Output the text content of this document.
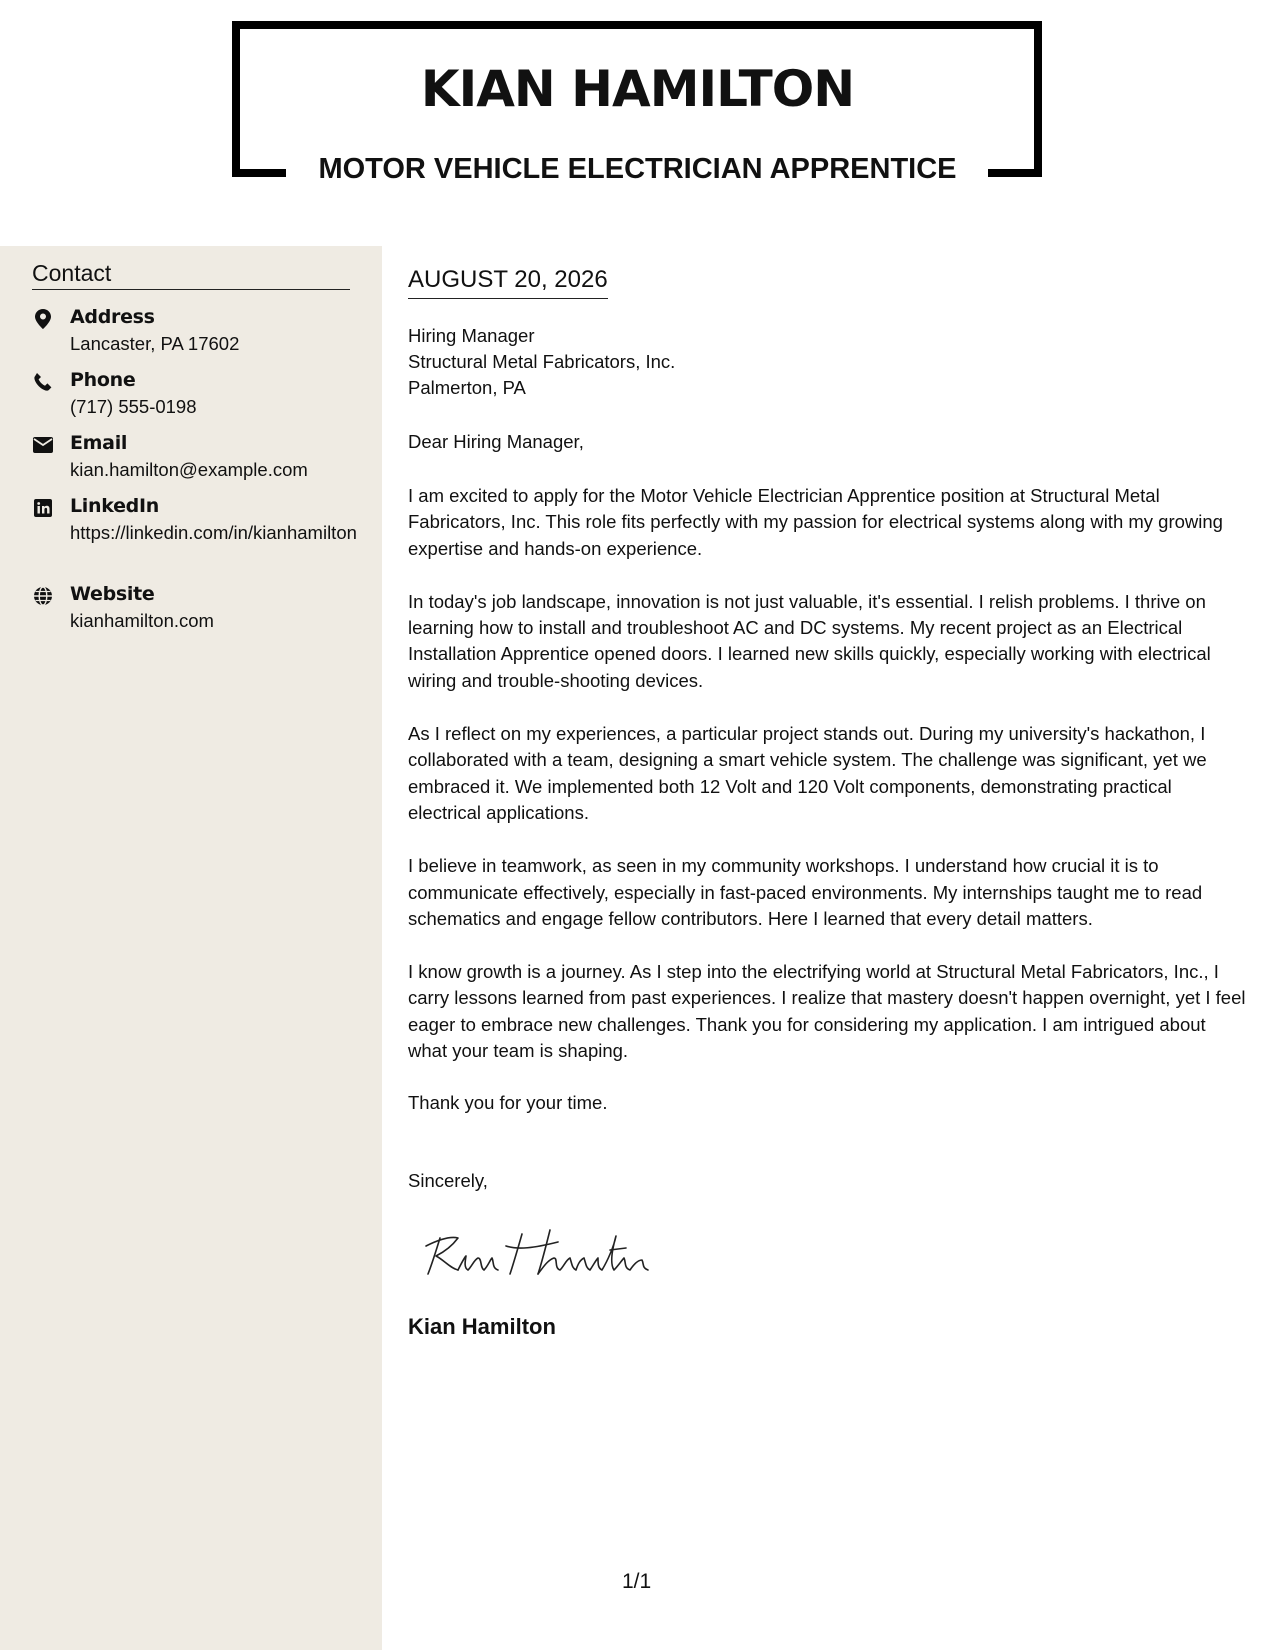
KIAN HAMILTON
MOTOR VEHICLE ELECTRICIAN APPRENTICE
Contact
Address
Lancaster, PA 17602
Phone
(717) 555-0198
Email
kian.hamilton@example.com
LinkedIn
https://linkedin.com/in/kianhamilton
Website
kianhamilton.com
AUGUST 20, 2026
Hiring Manager
Structural Metal Fabricators, Inc.
Palmerton, PA

Dear Hiring Manager,

I am excited to apply for the Motor Vehicle Electrician Apprentice position at Structural Metal Fabricators, Inc. This role fits perfectly with my passion for electrical systems along with my growing expertise and hands-on experience.

In today's job landscape, innovation is not just valuable, it's essential. I relish problems. I thrive on learning how to install and troubleshoot AC and DC systems. My recent project as an Electrical Installation Apprentice opened doors. I learned new skills quickly, especially working with electrical wiring and trouble-shooting devices.

As I reflect on my experiences, a particular project stands out. During my university's hackathon, I collaborated with a team, designing a smart vehicle system. The challenge was significant, yet we embraced it. We implemented both 12 Volt and 120 Volt components, demonstrating practical electrical applications.

I believe in teamwork, as seen in my community workshops. I understand how crucial it is to communicate effectively, especially in fast-paced environments. My internships taught me to read schematics and engage fellow contributors. Here I learned that every detail matters.

I know growth is a journey. As I step into the electrifying world at Structural Metal Fabricators, Inc., I carry lessons learned from past experiences. I realize that mastery doesn't happen overnight, yet I feel eager to embrace new challenges. Thank you for considering my application. I am intrigued about what your team is shaping.

Thank you for your time.

Sincerely,

Kian Hamilton

1/1
